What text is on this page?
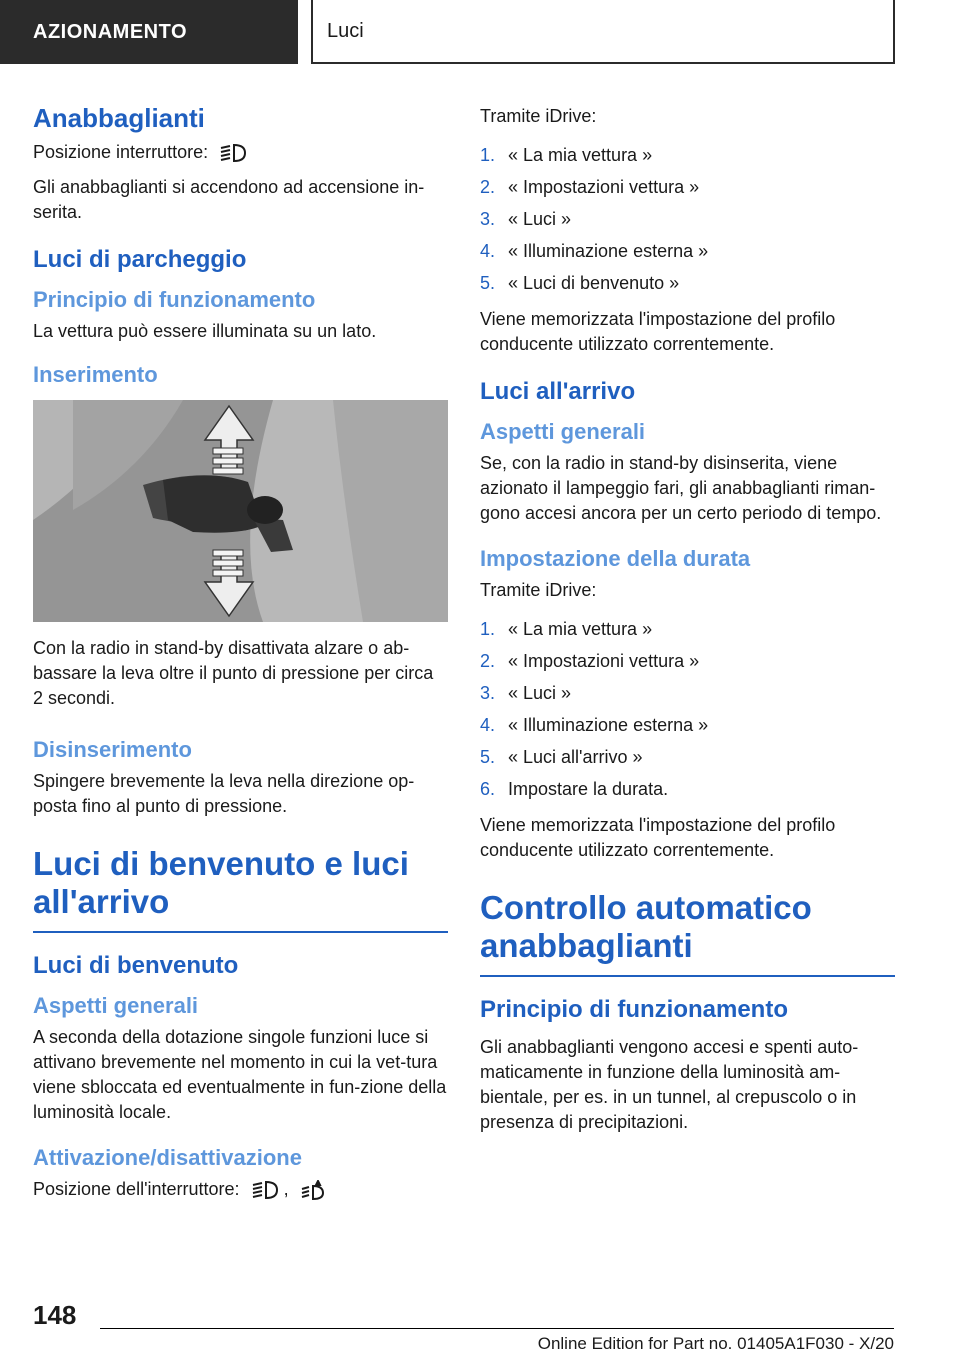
AZIONAMENTO	Luci
Anabbaglianti

Posizione interruttore:

Gli anabbaglianti si accendono ad accensione in-serita.

Luci di parcheggio
Principio di funzionamento

La vettura può essere illuminata su un lato.

Inserimento

Con la radio in stand-by disattivata alzare o ab-bassare la leva oltre il punto di pressione per circa 2 secondi.

Disinserimento

Spingere brevemente la leva nella direzione op-posta fino al punto di pressione.

Luci di benvenuto e luci all'arrivo
Luci di benvenuto
Aspetti generali

A seconda della dotazione singole funzioni luce si attivano brevemente nel momento in cui la vet-tura viene sbloccata ed eventualmente in fun-zione della luminosità locale.

Attivazione/disattivazione

Posizione dell'interruttore: ,

Tramite iDrive:

1. « La mia vettura »
2. « Impostazioni vettura »
3. « Luci »
4. « Illuminazione esterna »
5. « Luci di benvenuto »

Viene memorizzata l'impostazione del profilo conducente utilizzato correntemente.

Luci all'arrivo
Aspetti generali

Se, con la radio in stand-by disinserita, viene azionato il lampeggio fari, gli anabbaglianti riman-gono accesi ancora per un certo periodo di tempo.

Impostazione della durata

Tramite iDrive:

1. « La mia vettura »
2. « Impostazioni vettura »
3. « Luci »
4. « Illuminazione esterna »
5. « Luci all'arrivo »
6. Impostare la durata.

Viene memorizzata l'impostazione del profilo conducente utilizzato correntemente.

Controllo automatico anabbaglianti
Principio di funzionamento

Gli anabbaglianti vengono accesi e spenti auto-maticamente in funzione della luminosità am-bientale, per es. in un tunnel, al crepuscolo o in presenza di precipitazioni.

148
Online Edition for Part no. 01405A1F030 - X/20
